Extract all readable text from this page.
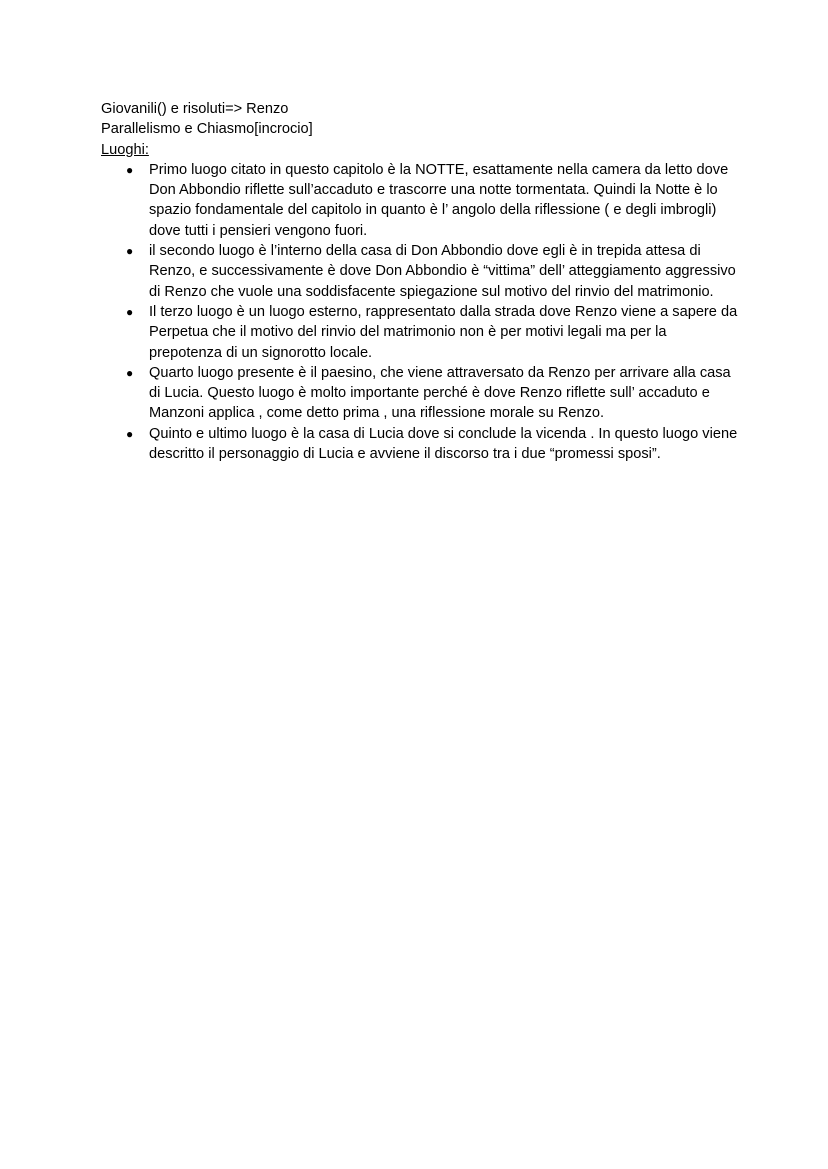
Giovanili() e risoluti=> Renzo
Parallelismo e Chiasmo[incrocio]
Luoghi:
● Primo luogo citato in questo capitolo è la NOTTE, esattamente nella camera da letto dove Don Abbondio riflette sull’accaduto e trascorre una notte tormentata. Quindi la Notte è lo spazio fondamentale del capitolo in quanto è l’ angolo della riflessione ( e degli imbrogli) dove tutti i pensieri vengono fuori.
● il secondo luogo è l’interno della casa di Don Abbondio dove egli è in trepida attesa di Renzo, e successivamente è dove Don Abbondio è “vittima” dell’ atteggiamento aggressivo di Renzo che vuole una soddisfacente spiegazione sul motivo del rinvio del matrimonio.
● Il terzo luogo è un luogo esterno, rappresentato dalla strada dove Renzo viene a sapere da Perpetua che il motivo del rinvio del matrimonio non è per motivi legali ma per la prepotenza di un signorotto locale.
● Quarto luogo presente è il paesino, che viene attraversato da Renzo per arrivare alla casa di Lucia. Questo luogo è molto importante perché è dove Renzo riflette sull’ accaduto e Manzoni applica , come detto prima , una riflessione morale su Renzo.
● Quinto e ultimo luogo è la casa di Lucia dove si conclude la vicenda . In questo luogo viene descritto il personaggio di Lucia e avviene il discorso tra i due “promessi sposi”.
